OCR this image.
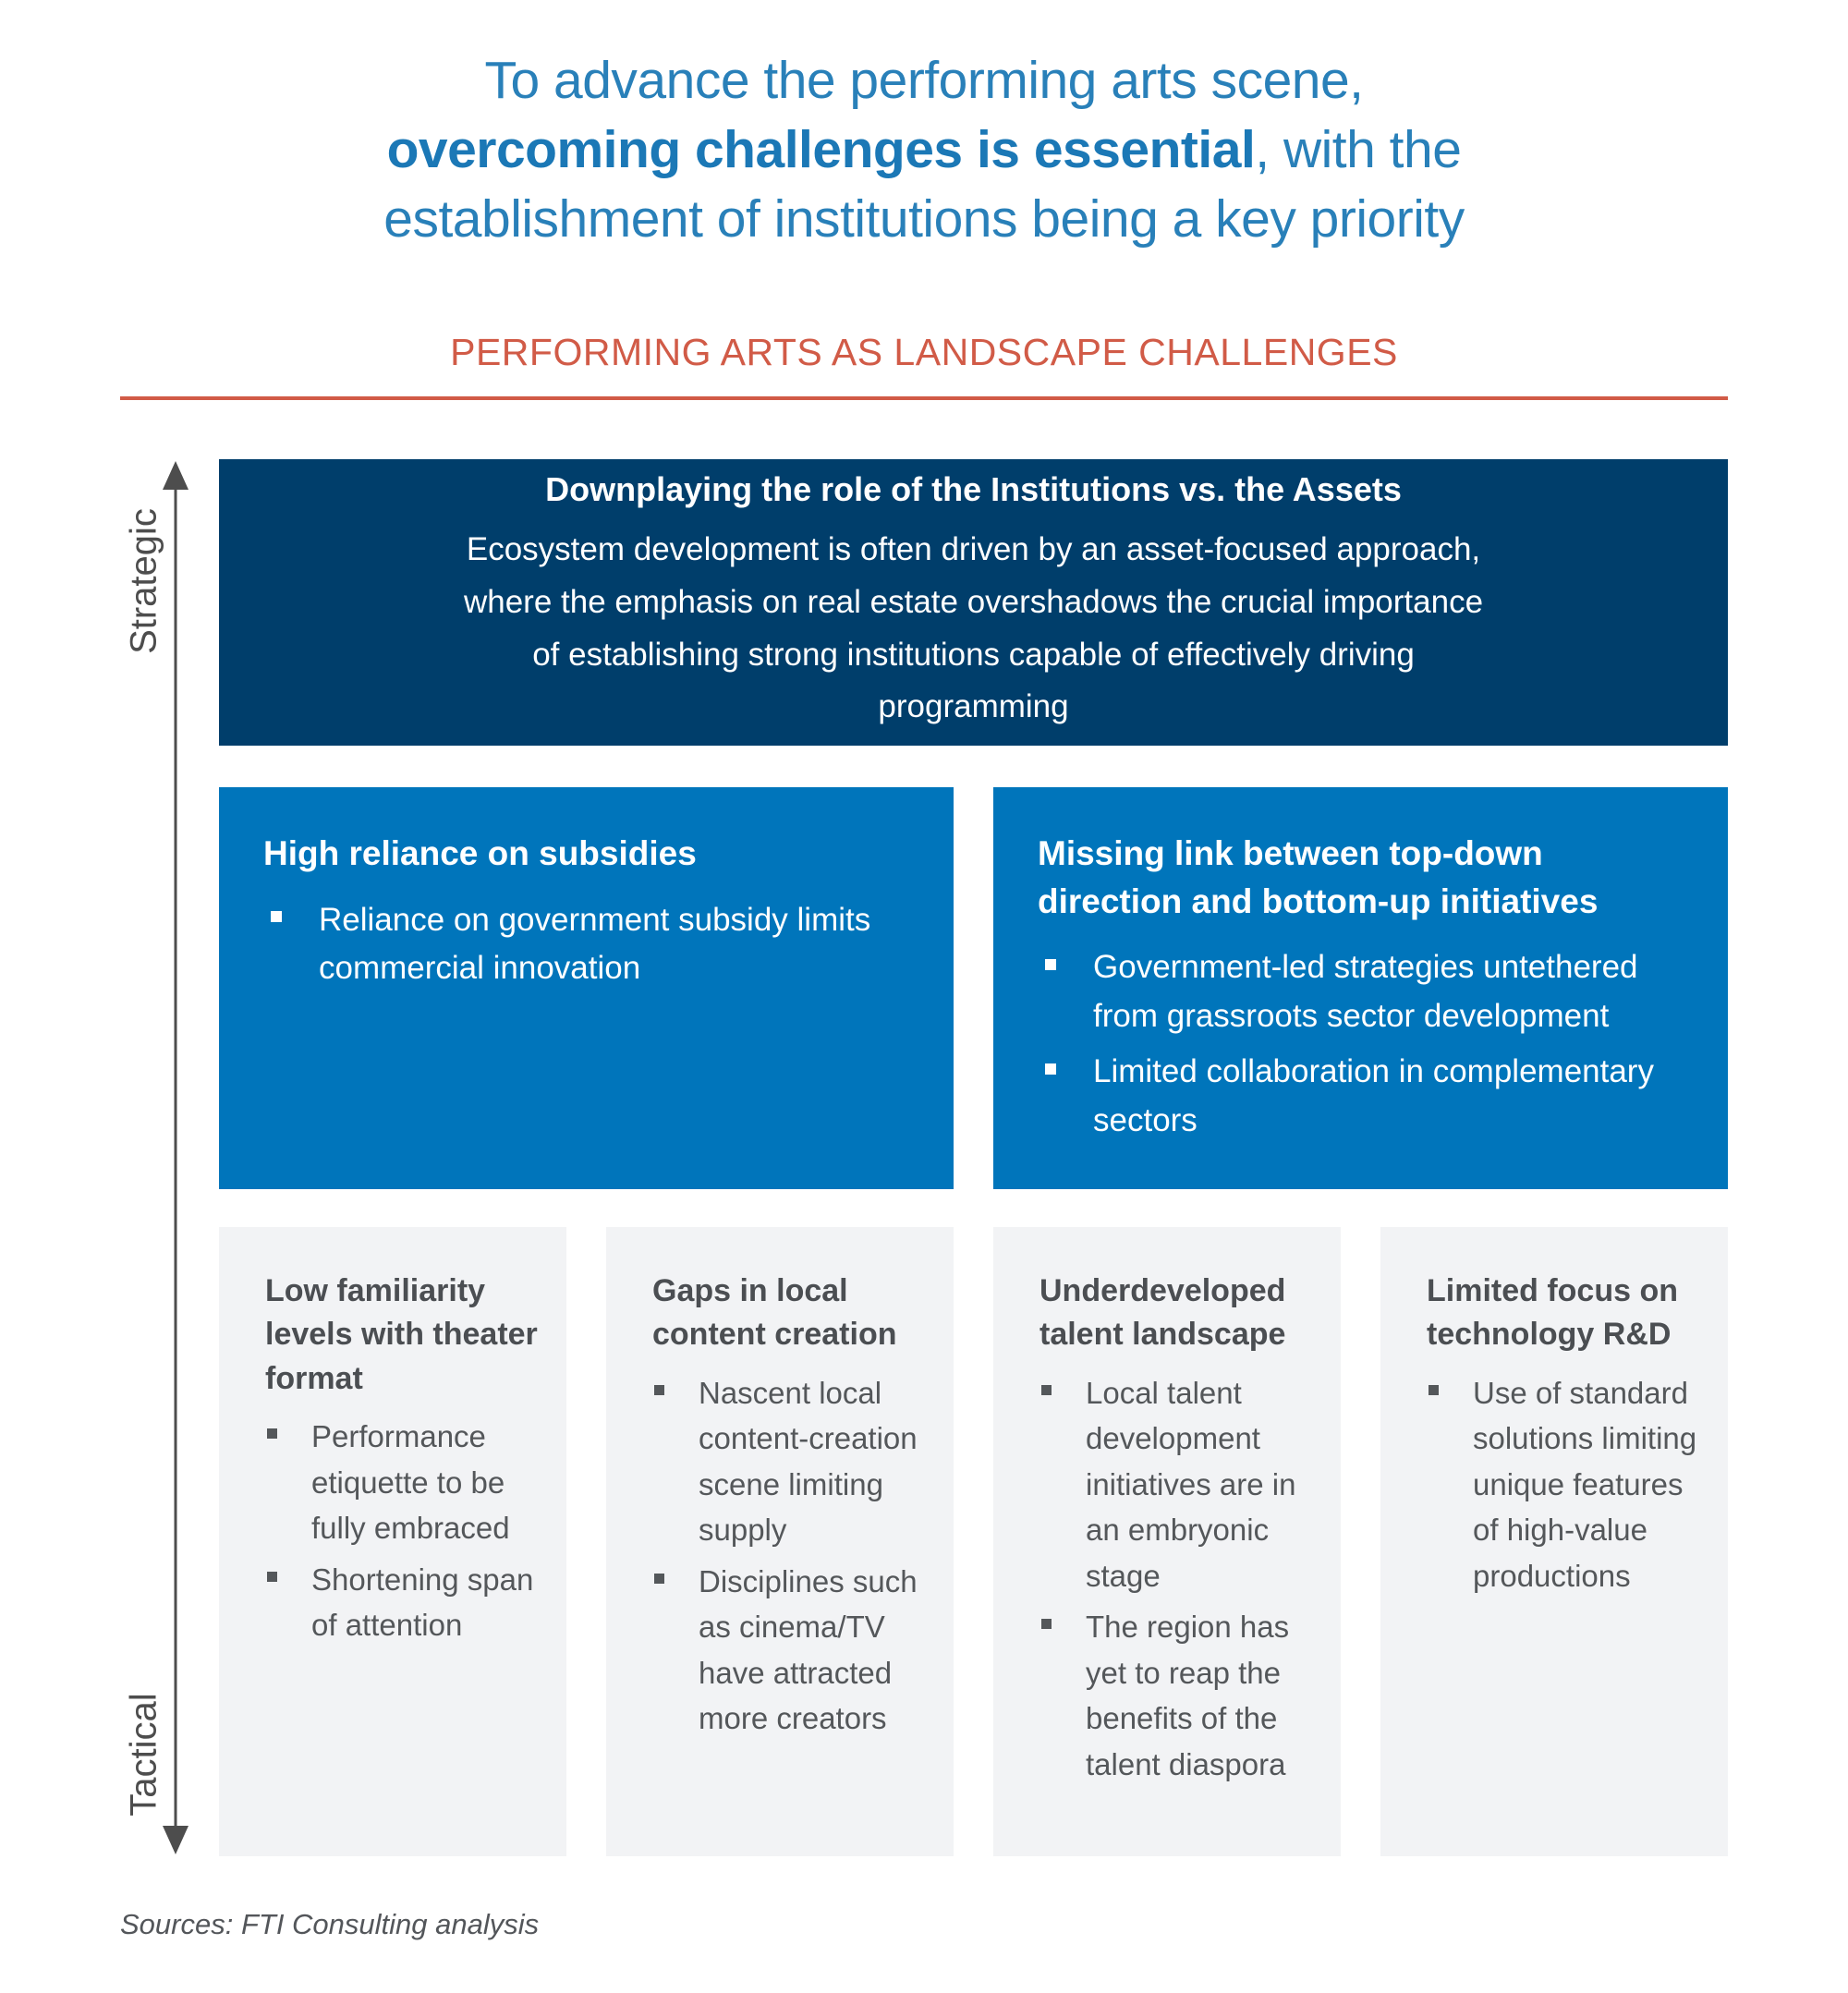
To advance the performing arts scene,
overcoming challenges is essential, with the
establishment of institutions being a key priority
PERFORMING ARTS AS LANDSCAPE CHALLENGES
Strategic
Tactical
Downplaying the role of the Institutions vs. the Assets
Ecosystem development is often driven by an asset-focused approach, where the emphasis on real estate overshadows the crucial importance of establishing strong institutions capable of effectively driving programming
High reliance on subsidies
Reliance on government subsidy limits commercial innovation
Missing link between top-down direction and bottom-up initiatives
Government-led strategies untethered from grassroots sector development
Limited collaboration in complementary sectors
Low familiarity levels with theater format
Performance etiquette to be fully embraced
Shortening span of attention
Gaps in local content creation
Nascent local content-creation scene limiting supply
Disciplines such as cinema/TV have attracted more creators
Underdeveloped talent landscape
Local talent development initiatives are in an embryonic stage
The region has yet to reap the benefits of the talent diaspora
Limited focus on technology R&D
Use of standard solutions limiting unique features of high-value productions
Sources: FTI Consulting analysis
